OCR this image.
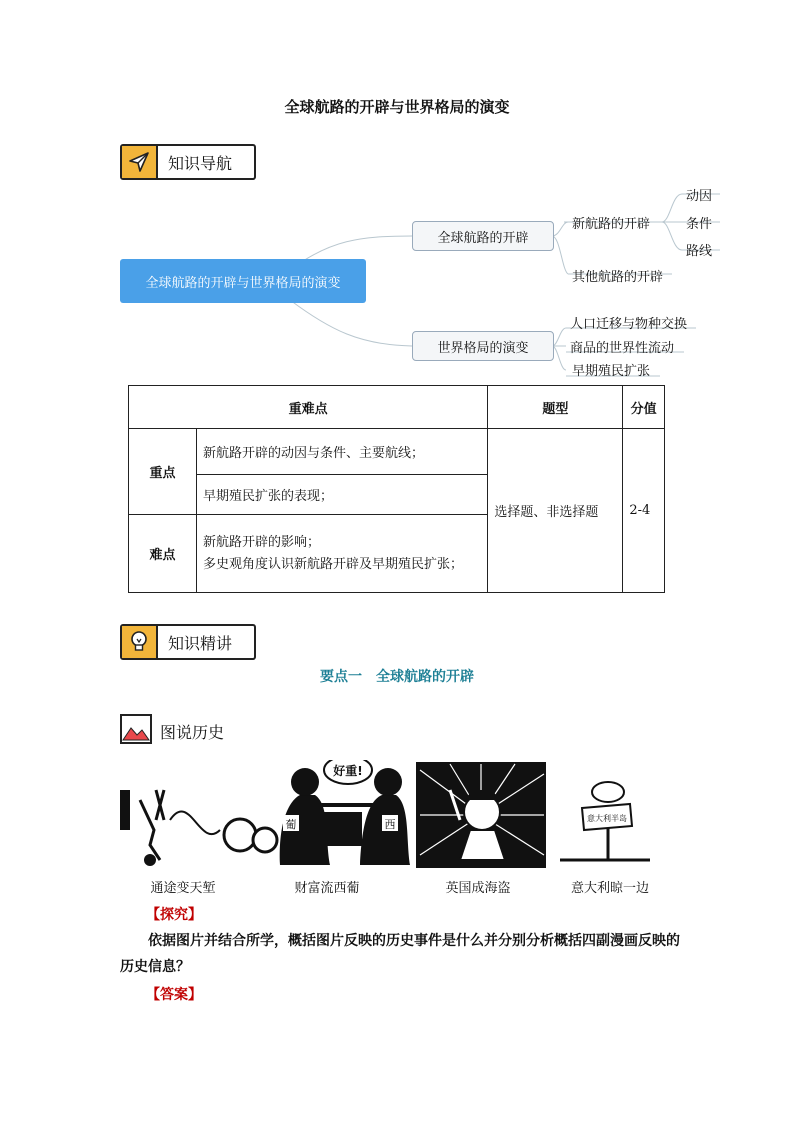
全球航路的开辟与世界格局的演变
知识导航
全球航路的开辟与世界格局的演变
全球航路的开辟
世界格局的演变
新航路的开辟
动因
条件
路线
其他航路的开辟
人口迁移与物种交换
商品的世界性流动
早期殖民扩张
重难点		题型	分值
重点	新航路开辟的动因与条件、主要航线；	选择题、非选择题	2-4
	早期殖民扩张的表现；		
难点	新航路开辟的影响；
多史观角度认识新航路开辟及早期殖民扩张；		
知识精讲
要点一　 全球航路的开辟
图说历史
葡	西
好重!
意大利半岛
通途变天堑	财富流西葡	英国成海盗	意大利晾一边
【探究】
依据图片并结合所学，概括图片反映的历史事件是什么并分别分析概括四副漫画反映的历史信息？
【答案】
